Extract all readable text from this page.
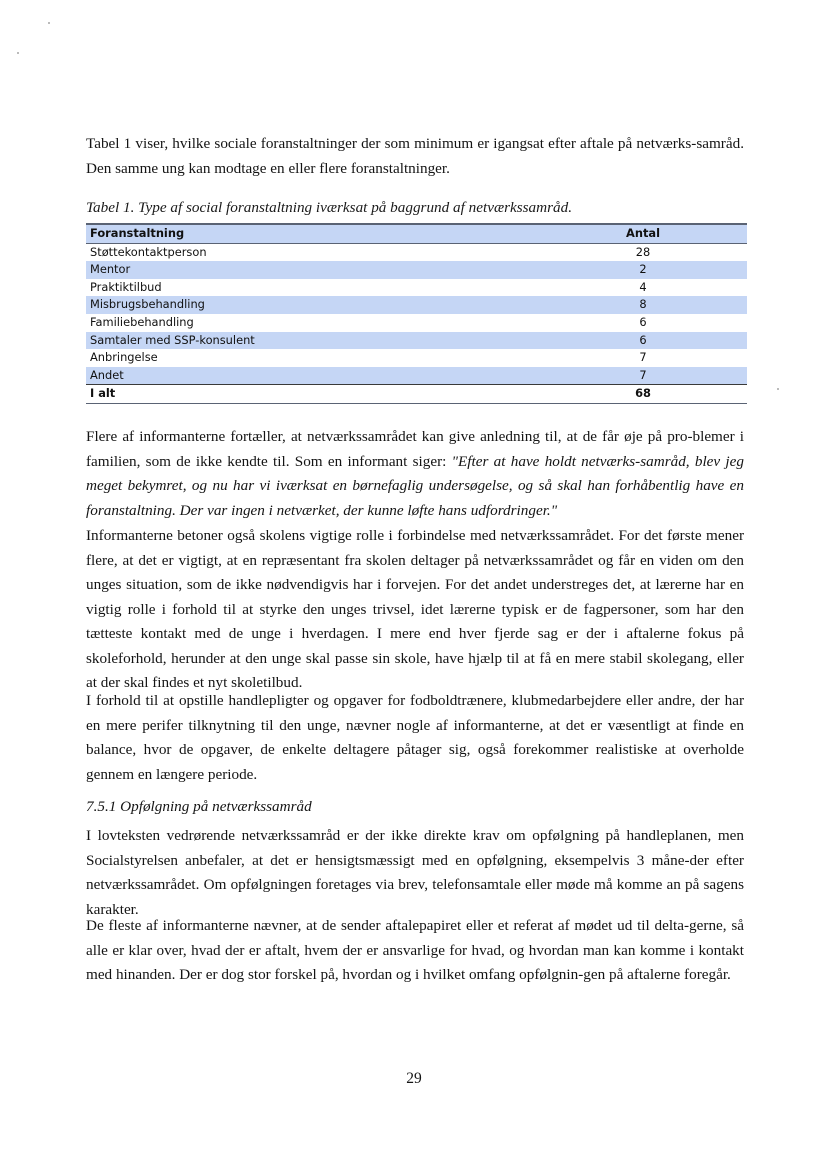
Tabel 1 viser, hvilke sociale foranstaltninger der som minimum er igangsat efter aftale på netværks-samråd. Den samme ung kan modtage en eller flere foranstaltninger.

Tabel 1. Type af social foranstaltning iværksat på baggrund af netværkssamråd.
Foranstaltning	Antal
Støttekontaktperson	28
Mentor	2
Praktiktilbud	4
Misbrugsbehandling	8
Familiebehandling	6
Samtaler med SSP-konsulent	6
Anbringelse	7
Andet	7
I alt	68

Flere af informanterne fortæller, at netværkssamrådet kan give anledning til, at de får øje på pro-blemer i familien, som de ikke kendte til. Som en informant siger: "Efter at have holdt netværks-samråd, blev jeg meget bekymret, og nu har vi iværksat en børnefaglig undersøgelse, og så skal han forhåbentlig have en foranstaltning. Der var ingen i netværket, der kunne løfte hans udfordringer."

Informanterne betoner også skolens vigtige rolle i forbindelse med netværkssamrådet. For det første mener flere, at det er vigtigt, at en repræsentant fra skolen deltager på netværkssamrådet og får en viden om den unges situation, som de ikke nødvendigvis har i forvejen. For det andet understreges det, at lærerne har en vigtig rolle i forhold til at styrke den unges trivsel, idet lærerne typisk er de fagpersoner, som har den tætteste kontakt med de unge i hverdagen. I mere end hver fjerde sag er der i aftalerne fokus på skoleforhold, herunder at den unge skal passe sin skole, have hjælp til at få en mere stabil skolegang, eller at der skal findes et nyt skoletilbud.

I forhold til at opstille handlepligter og opgaver for fodboldtrænere, klubmedarbejdere eller andre, der har en mere perifer tilknytning til den unge, nævner nogle af informanterne, at det er væsentligt at finde en balance, hvor de opgaver, de enkelte deltagere påtager sig, også forekommer realistiske at overholde gennem en længere periode.

7.5.1 Opfølgning på netværkssamråd

I lovteksten vedrørende netværkssamråd er der ikke direkte krav om opfølgning på handleplanen, men Socialstyrelsen anbefaler, at det er hensigtsmæssigt med en opfølgning, eksempelvis 3 måne-der efter netværkssamrådet. Om opfølgningen foretages via brev, telefonsamtale eller møde må komme an på sagens karakter.

De fleste af informanterne nævner, at de sender aftalepapiret eller et referat af mødet ud til delta-gerne, så alle er klar over, hvad der er aftalt, hvem der er ansvarlige for hvad, og hvordan man kan komme i kontakt med hinanden. Der er dog stor forskel på, hvordan og i hvilket omfang opfølgnin-gen på aftalerne foregår.

29
